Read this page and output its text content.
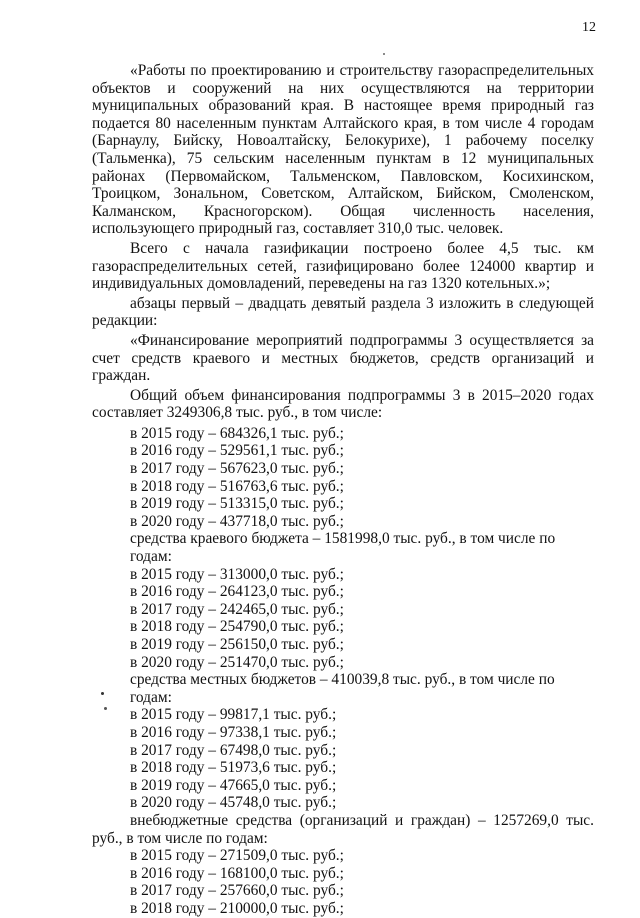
12

«Работы по проектированию и строительству газораспределительных объектов и сооружений на них осуществляются на территории муниципальных образований края. В настоящее время природный газ подается 80 населенным пунктам Алтайского края, в том числе 4 городам (Барнаулу, Бийску, Новоалтайску, Белокурихе), 1 рабочему поселку (Тальменка), 75 сельским населенным пунктам в 12 муниципальных районах (Первомайском, Тальменском, Павловском, Косихинском, Троицком, Зональном, Советском, Алтайском, Бийском, Смоленском, Калманском, Красногорском). Общая численность населения, использующего природный газ, составляет 310,0 тыс. человек.

Всего с начала газификации построено более 4,5 тыс. км газораспределительных сетей, газифицировано более 124000 квартир и индивидуальных домовладений, переведены на газ 1320 котельных.»;

абзацы первый – двадцать девятый раздела 3 изложить в следующей редакции:

«Финансирование мероприятий подпрограммы 3 осуществляется за счет средств краевого и местных бюджетов, средств организаций и граждан.

Общий объем финансирования подпрограммы 3 в 2015–2020 годах составляет 3249306,8 тыс. руб., в том числе:

в 2015 году – 684326,1 тыс. руб.;

в 2016 году – 529561,1 тыс. руб.;

в 2017 году – 567623,0 тыс. руб.;

в 2018 году – 516763,6 тыс. руб.;

в 2019 году – 513315,0 тыс. руб.;

в 2020 году – 437718,0 тыс. руб.;

средства краевого бюджета – 1581998,0 тыс. руб., в том числе по годам:

в 2015 году – 313000,0 тыс. руб.;

в 2016 году – 264123,0 тыс. руб.;

в 2017 году – 242465,0 тыс. руб.;

в 2018 году – 254790,0 тыс. руб.;

в 2019 году – 256150,0 тыс. руб.;

в 2020 году – 251470,0 тыс. руб.;

средства местных бюджетов – 410039,8 тыс. руб., в том числе по годам:

в 2015 году – 99817,1 тыс. руб.;

в 2016 году – 97338,1 тыс. руб.;

в 2017 году – 67498,0 тыс. руб.;

в 2018 году – 51973,6 тыс. руб.;

в 2019 году – 47665,0 тыс. руб.;

в 2020 году – 45748,0 тыс. руб.;

внебюджетные средства (организаций и граждан) – 1257269,0 тыс. руб., в том числе по годам:

в 2015 году – 271509,0 тыс. руб.;

в 2016 году – 168100,0 тыс. руб.;

в 2017 году – 257660,0 тыс. руб.;

в 2018 году – 210000,0 тыс. руб.;
